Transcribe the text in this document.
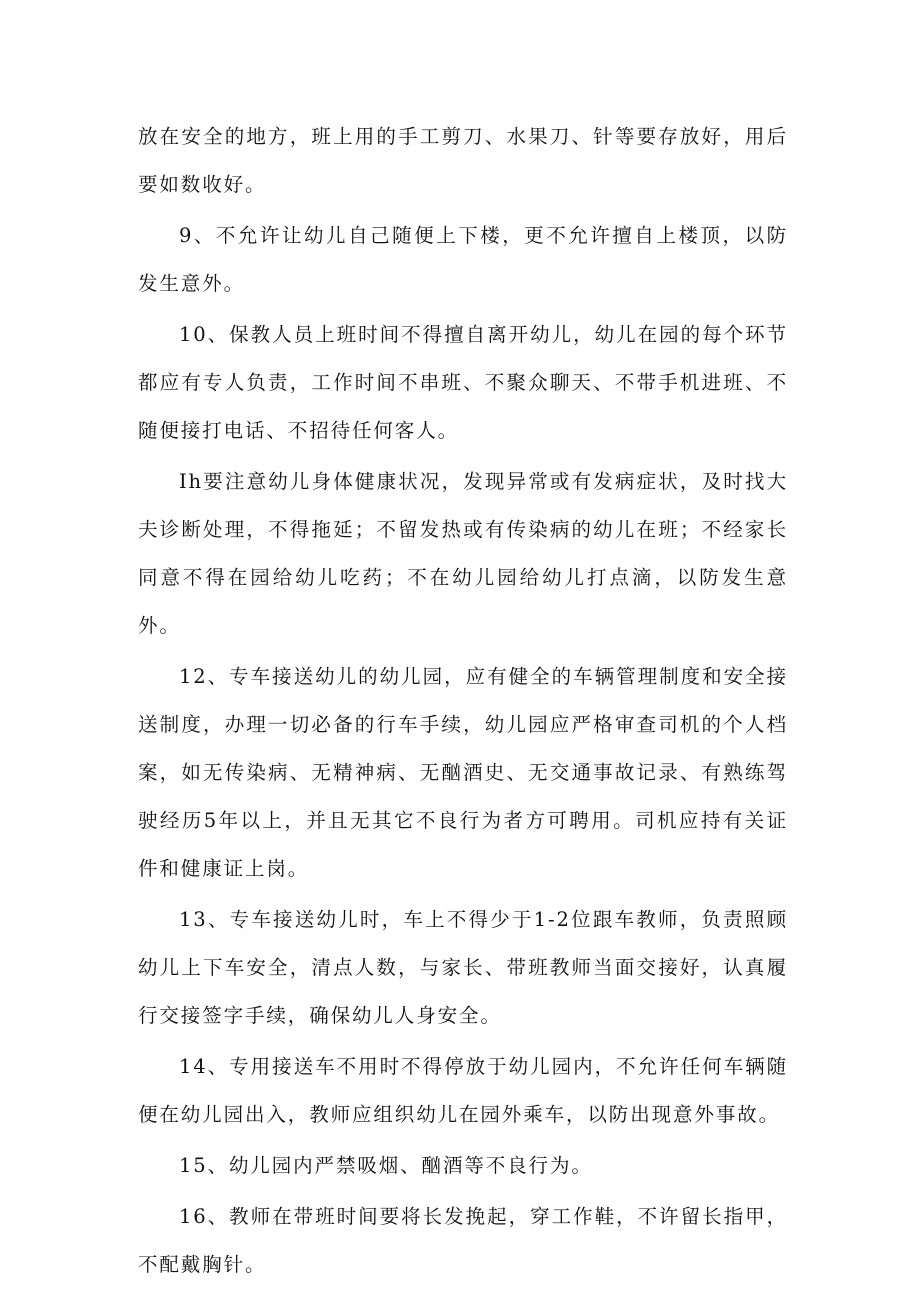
放在安全的地方，班上用的手工剪刀、水果刀、针等要存放好，用后要如数收好。

9、不允许让幼儿自己随便上下楼，更不允许擅自上楼顶，以防发生意外。

10、保教人员上班时间不得擅自离开幼儿，幼儿在园的每个环节都应有专人负责，工作时间不串班、不聚众聊天、不带手机进班、不随便接打电话、不招待任何客人。

Ih要注意幼儿身体健康状况，发现异常或有发病症状，及时找大夫诊断处理，不得拖延；不留发热或有传染病的幼儿在班；不经家长同意不得在园给幼儿吃药；不在幼儿园给幼儿打点滴，以防发生意外。

12、专车接送幼儿的幼儿园，应有健全的车辆管理制度和安全接送制度，办理一切必备的行车手续，幼儿园应严格审查司机的个人档案，如无传染病、无精神病、无酗酒史、无交通事故记录、有熟练驾驶经历5年以上，并且无其它不良行为者方可聘用。司机应持有关证件和健康证上岗。

13、专车接送幼儿时，车上不得少于1-2位跟车教师，负责照顾幼儿上下车安全，清点人数，与家长、带班教师当面交接好，认真履行交接签字手续，确保幼儿人身安全。

14、专用接送车不用时不得停放于幼儿园内，不允许任何车辆随便在幼儿园出入，教师应组织幼儿在园外乘车，以防出现意外事故。

15、幼儿园内严禁吸烟、酗酒等不良行为。

16、教师在带班时间要将长发挽起，穿工作鞋，不许留长指甲，不配戴胸针。
